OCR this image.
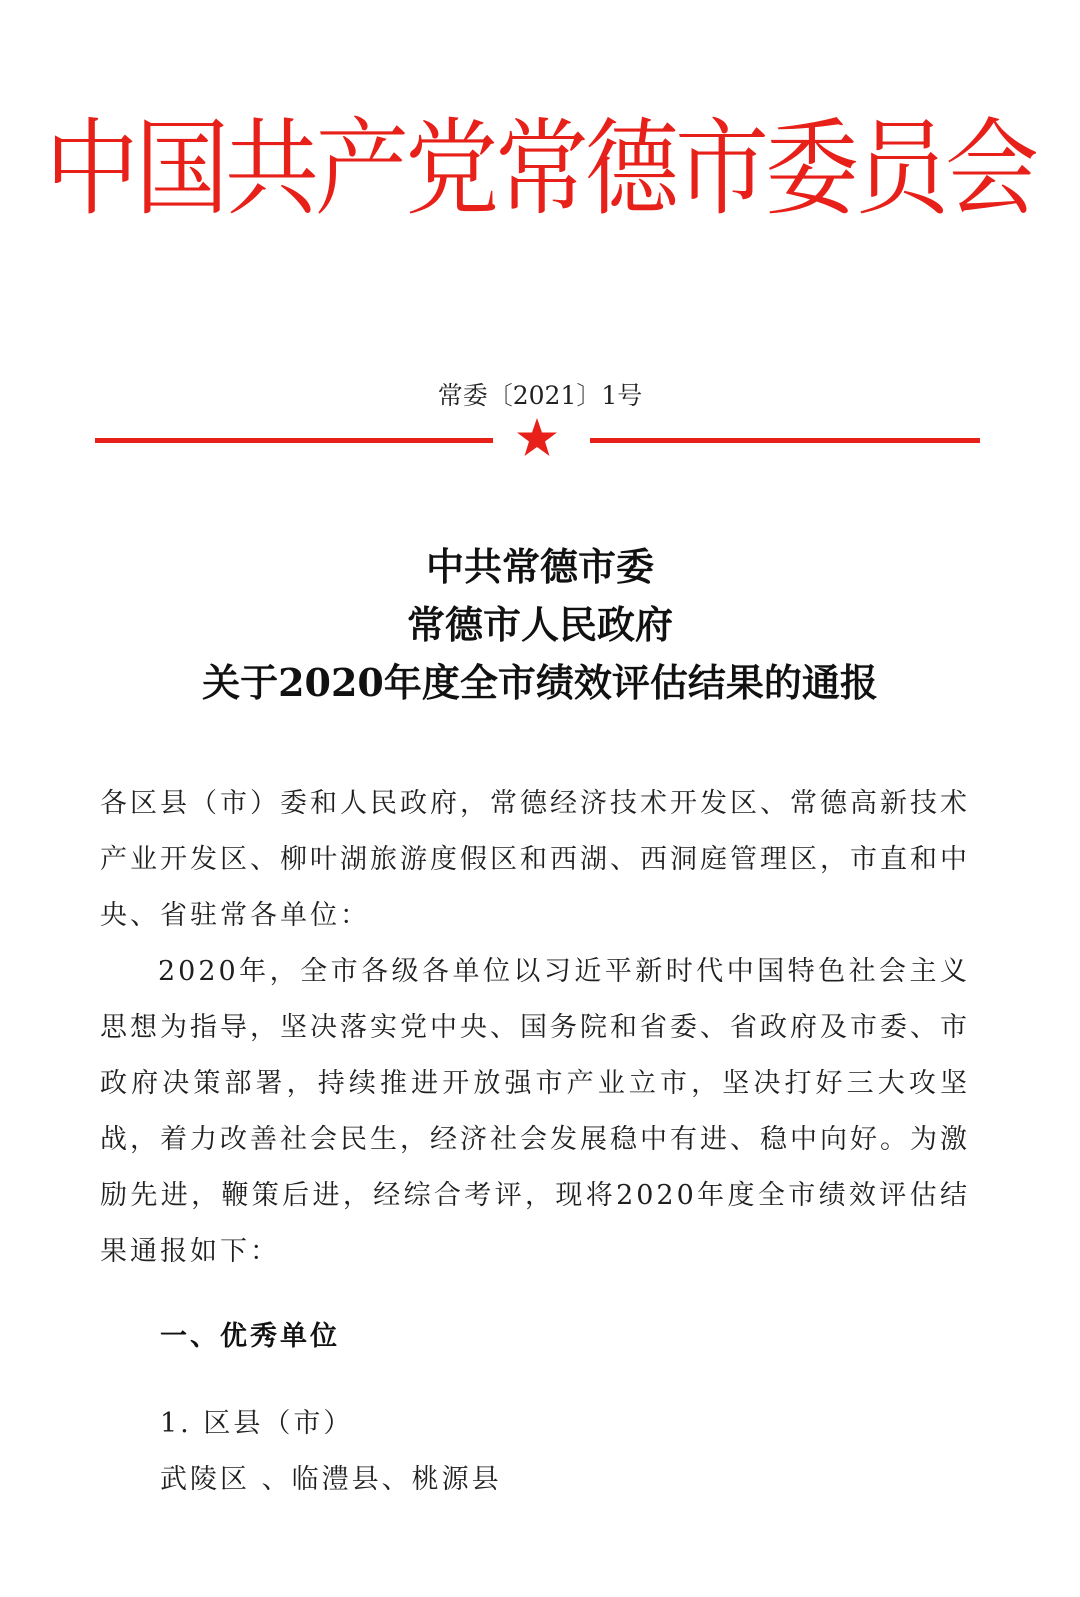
中国共产党常德市委员会
常委〔2021〕1号
中共常德市委
常德市人民政府
关于2020年度全市绩效评估结果的通报

各区县（市）委和人民政府，常德经济技术开发区、常德高新技术产业开发区、柳叶湖旅游度假区和西湖、西洞庭管理区，市直和中央、省驻常各单位：

2020年，全市各级各单位以习近平新时代中国特色社会主义思想为指导，坚决落实党中央、国务院和省委、省政府及市委、市政府决策部署，持续推进开放强市产业立市，坚决打好三大攻坚战，着力改善社会民生，经济社会发展稳中有进、稳中向好。为激励先进，鞭策后进，经综合考评，现将2020年度全市绩效评估结果通报如下：

一、优秀单位
1. 区县（市）
武陵区 、临澧县、桃源县
